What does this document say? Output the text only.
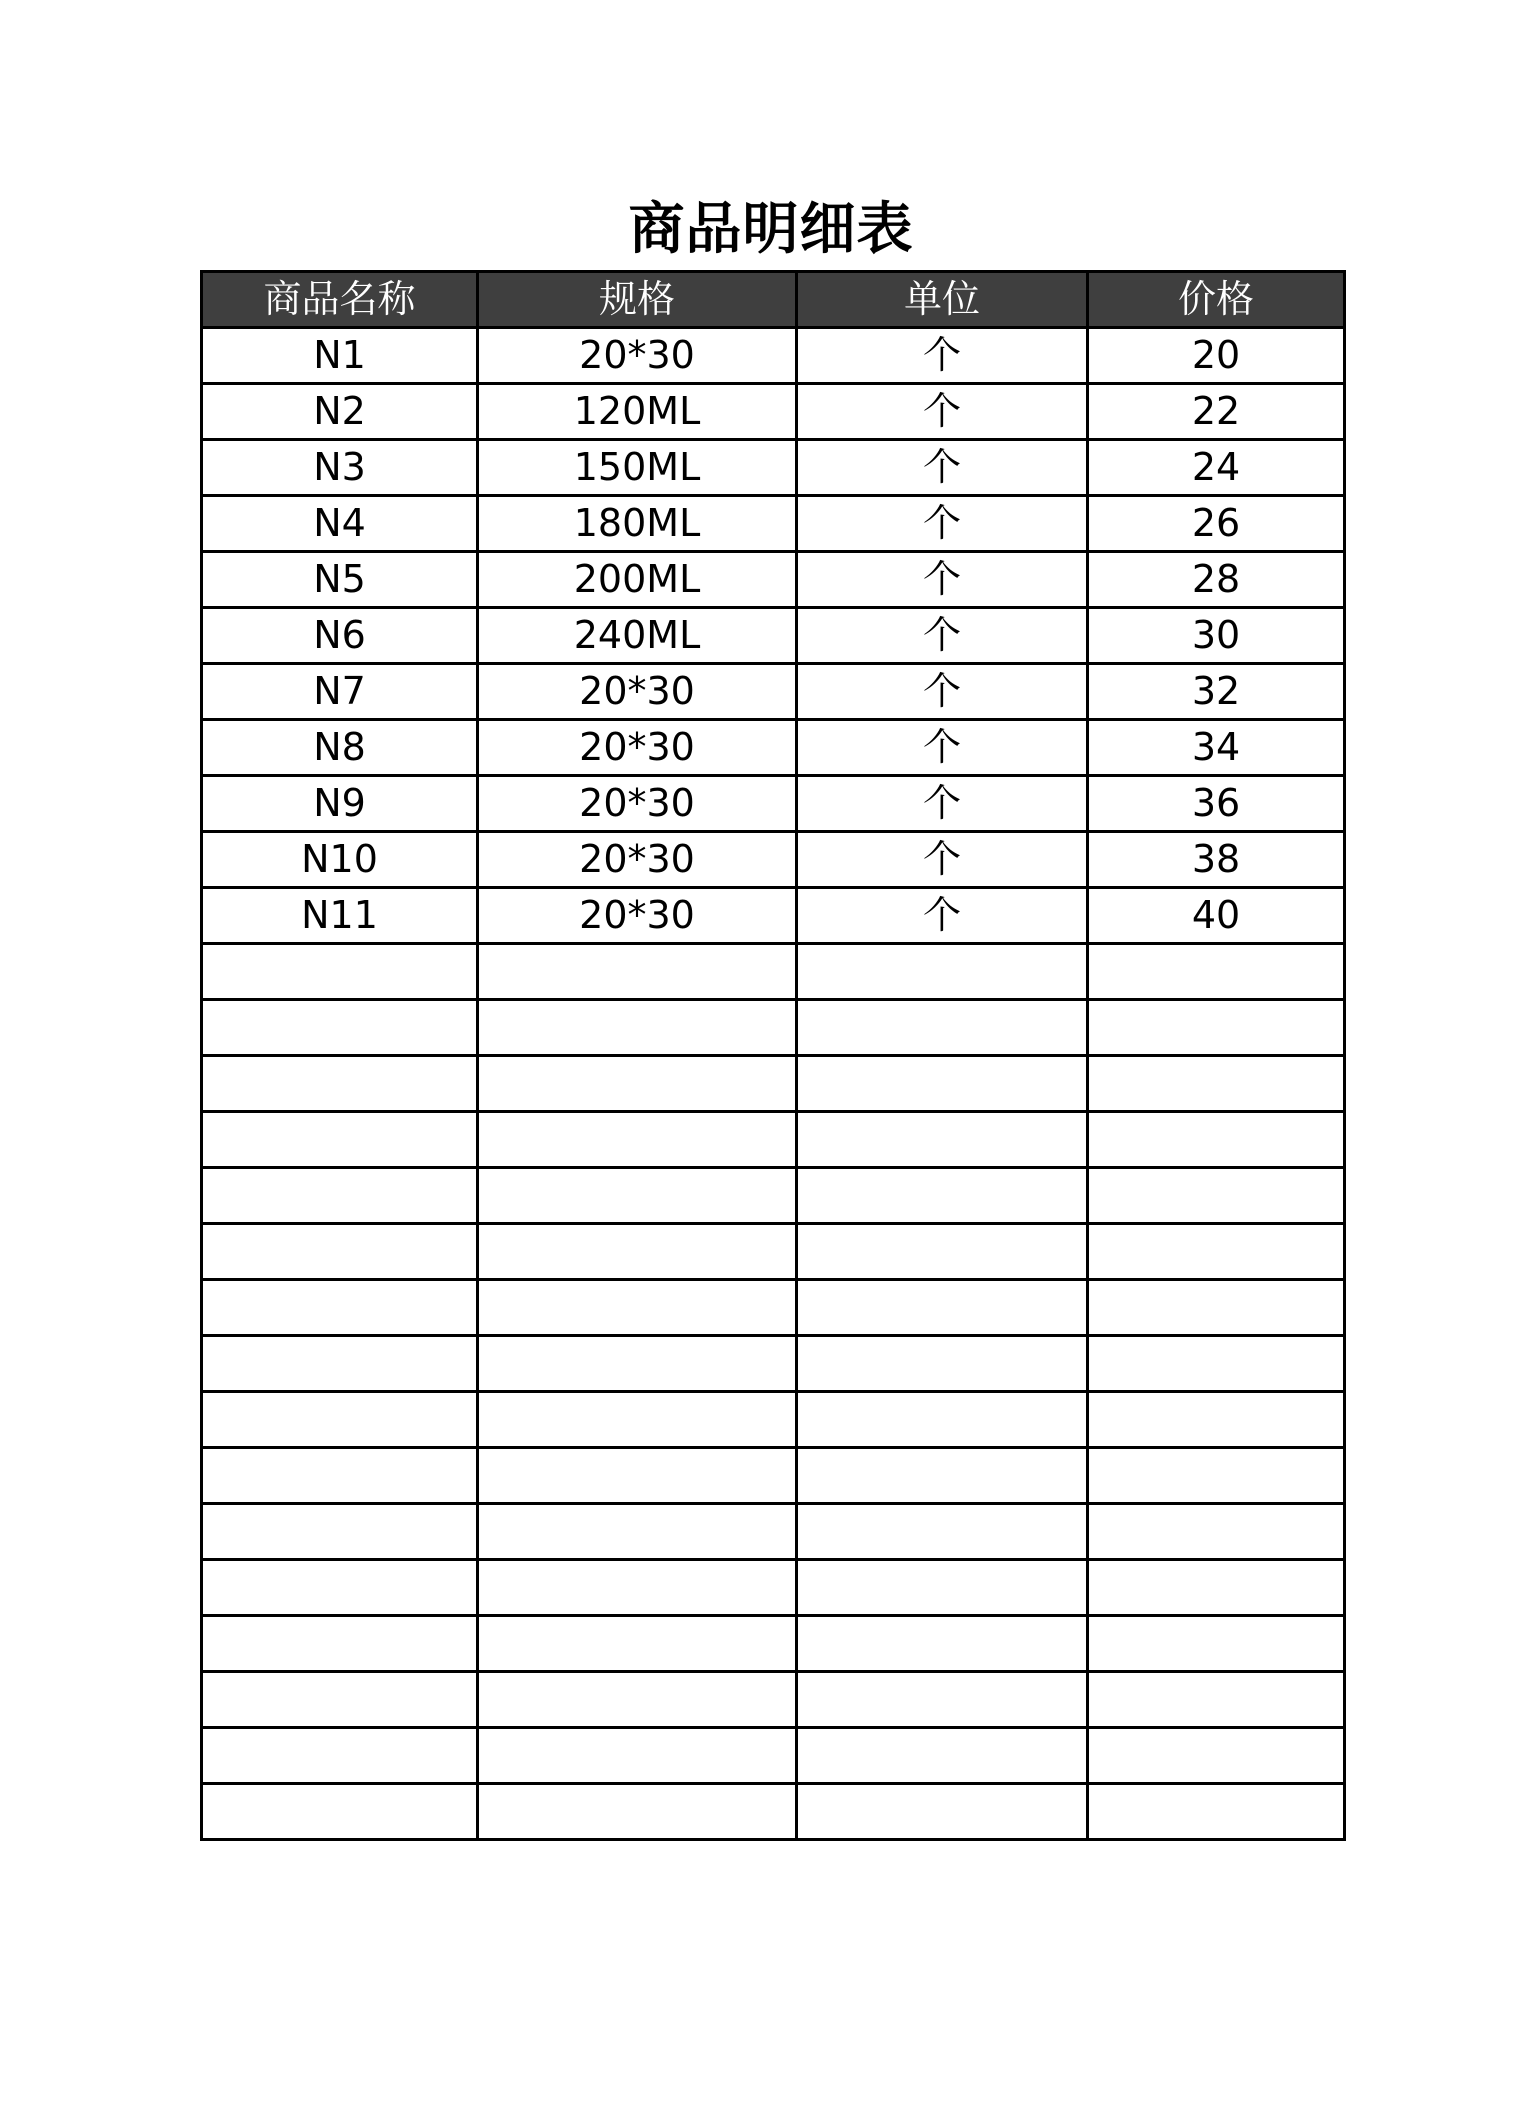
商品明细表
商品名称	规格	单位	价格
N1	20*30	个	20
N2	120ML	个	22
N3	150ML	个	24
N4	180ML	个	26
N5	200ML	个	28
N6	240ML	个	30
N7	20*30	个	32
N8	20*30	个	34
N9	20*30	个	36
N10	20*30	个	38
N11	20*30	个	40
